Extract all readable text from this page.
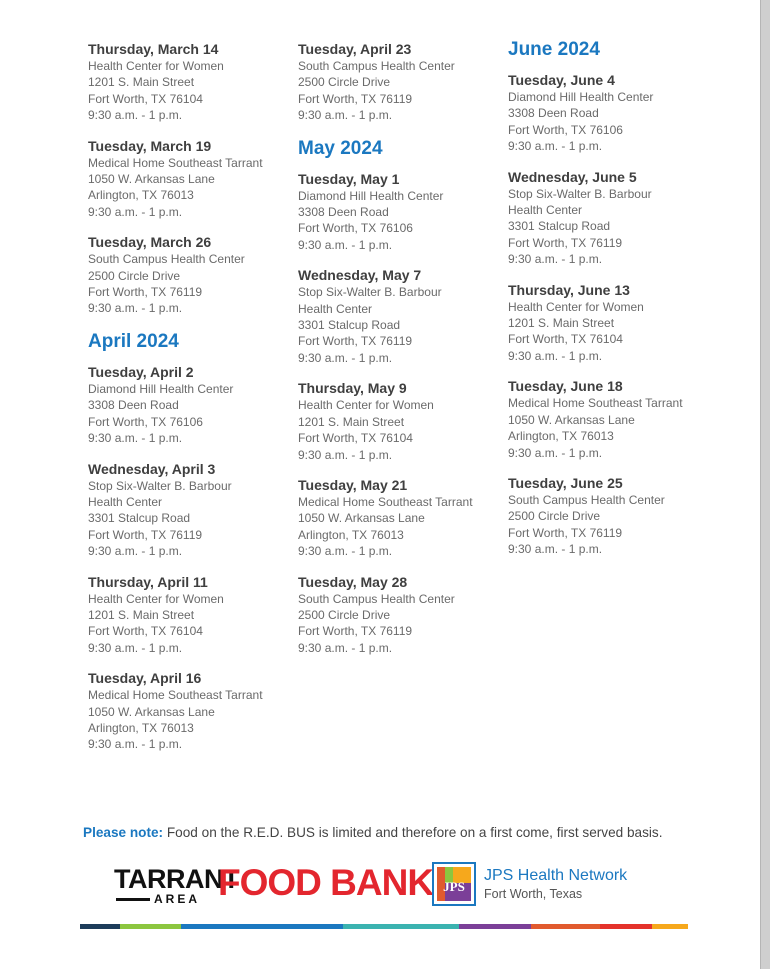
Thursday, March 14
Health Center for Women
1201 S. Main Street
Fort Worth, TX 76104
9:30 a.m. - 1 p.m.
Tuesday, March 19
Medical Home Southeast Tarrant
1050 W. Arkansas Lane
Arlington, TX 76013
9:30 a.m. - 1 p.m.
Tuesday, March 26
South Campus Health Center
2500 Circle Drive
Fort Worth, TX 76119
9:30 a.m. - 1 p.m.
April 2024
Tuesday, April 2
Diamond Hill Health Center
3308 Deen Road
Fort Worth, TX 76106
9:30 a.m. - 1 p.m.
Wednesday, April 3
Stop Six-Walter B. Barbour
Health Center
3301 Stalcup Road
Fort Worth, TX 76119
9:30 a.m. - 1 p.m.
Thursday, April 11
Health Center for Women
1201 S. Main Street
Fort Worth, TX 76104
9:30 a.m. - 1 p.m.
Tuesday, April 16
Medical Home Southeast Tarrant
1050 W. Arkansas Lane
Arlington, TX 76013
9:30 a.m. - 1 p.m.
Tuesday, April 23
South Campus Health Center
2500 Circle Drive
Fort Worth, TX 76119
9:30 a.m. - 1 p.m.
May 2024
Tuesday, May 1
Diamond Hill Health Center
3308 Deen Road
Fort Worth, TX 76106
9:30 a.m. - 1 p.m.
Wednesday, May 7
Stop Six-Walter B. Barbour
Health Center
3301 Stalcup Road
Fort Worth, TX 76119
9:30 a.m. - 1 p.m.
Thursday, May 9
Health Center for Women
1201 S. Main Street
Fort Worth, TX 76104
9:30 a.m. - 1 p.m.
Tuesday, May 21
Medical Home Southeast Tarrant
1050 W. Arkansas Lane
Arlington, TX 76013
9:30 a.m. - 1 p.m.
Tuesday, May 28
South Campus Health Center
2500 Circle Drive
Fort Worth, TX 76119
9:30 a.m. - 1 p.m.
June 2024
Tuesday, June 4
Diamond Hill Health Center
3308 Deen Road
Fort Worth, TX 76106
9:30 a.m. - 1 p.m.
Wednesday, June 5
Stop Six-Walter B. Barbour
Health Center
3301 Stalcup Road
Fort Worth, TX 76119
9:30 a.m. - 1 p.m.
Thursday, June 13
Health Center for Women
1201 S. Main Street
Fort Worth, TX 76104
9:30 a.m. - 1 p.m.
Tuesday, June 18
Medical Home Southeast Tarrant
1050 W. Arkansas Lane
Arlington, TX 76013
9:30 a.m. - 1 p.m.
Tuesday, June 25
South Campus Health Center
2500 Circle Drive
Fort Worth, TX 76119
9:30 a.m. - 1 p.m.
Please note: Food on the R.E.D. BUS is limited and therefore on a first come, first served basis.
TARRANT
AREA FOOD BANK JPS
JPS Health Network
Fort Worth, Texas
